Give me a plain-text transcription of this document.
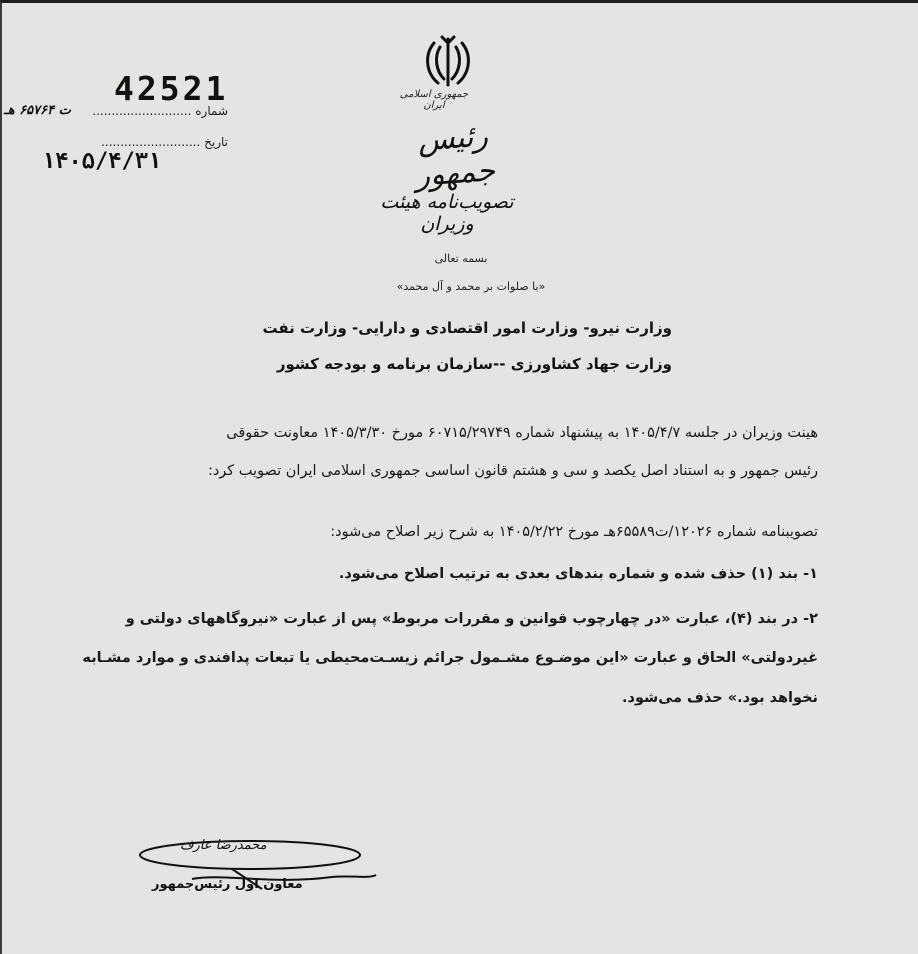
جمهوری اسلامی ایران
رئیس جمهور
تصویب‌نامه هیئت وزیران
42521
ت ۶۵۷۶۴ هـ	شماره ..........................
تاریخ ..........................
۱۴۰۵/۴/۳۱
بسمه تعالی
«با صلوات بر محمد و آل محمد»
وزارت نیرو- وزارت امور اقتصادی و دارایی- وزارت نفت
وزارت جهاد کشاورزی --سازمان برنامه و بودجه کشور
هینت وزیران در جلسه ۱۴۰۵/۴/۷ به پیشنهاد شماره ۶۰۷۱۵/۲۹۷۴۹ مورخ ۱۴۰۵/۳/۳۰ معاونت حقوقی
رئیس جمهور و به استناد اصل یکصد و سی و هشتم قانون اساسی جمهوری اسلامی ایران تصویب کرد:
تصویبنامه شماره ۱۲۰۲۶/ت۶۵۵۸۹هـ مورخ ۱۴۰۵/۲/۲۲ به شرح زیر اصلاح می‌شود:
۱- بند (۱) حذف شده و شماره بندهای بعدی به ترتیب اصلاح می‌شود.
۲- در بند (۴)، عبارت «در چهارچوب قوانین و مقررات مربوط» پس از عبارت «نیروگاههای دولتی و
غیردولتی» الحاق و عبارت «این موضـوع مشـمول جرائم زیسـت‌محیطی یا تبعات پدافندی و موارد مشـابه
نخواهد بود.» حذف می‌شود.
محمدرضا عارف
معاون اول رئیس‌جمهور
